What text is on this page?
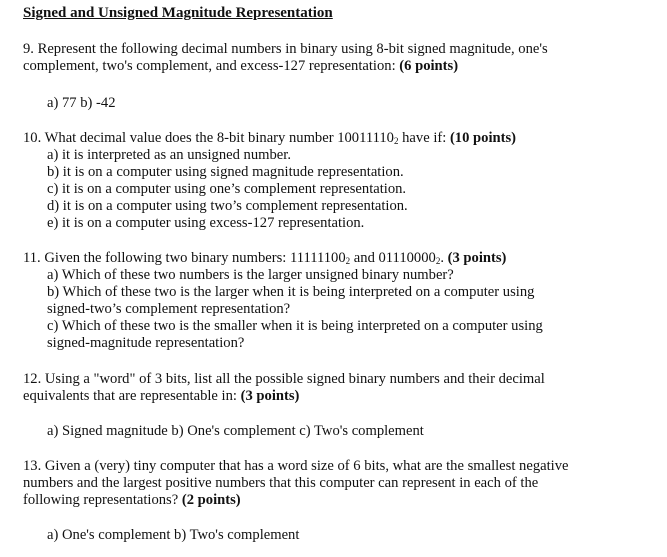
Signed and Unsigned Magnitude Representation
9. Represent the following decimal numbers in binary using 8-bit signed magnitude, one's
complement, two's complement, and excess-127 representation: (6 points)
a) 77 b) -42
10. What decimal value does the 8-bit binary number $10011110_2$ have if: (10 points)
a) it is interpreted as an unsigned number.
b) it is on a computer using signed magnitude representation.
c) it is on a computer using one’s complement representation.
d) it is on a computer using two’s complement representation.
e) it is on a computer using excess-127 representation.
11. Given the following two binary numbers: $11111100_2$ and $01110000_2$. (3 points)
a) Which of these two numbers is the larger unsigned binary number?
b) Which of these two is the larger when it is being interpreted on a computer using
signed-two’s complement representation?
c) Which of these two is the smaller when it is being interpreted on a computer using
signed-magnitude representation?
12. Using a "word" of 3 bits, list all the possible signed binary numbers and their decimal
equivalents that are representable in: (3 points)
a) Signed magnitude b) One's complement c) Two's complement
13. Given a (very) tiny computer that has a word size of 6 bits, what are the smallest negative
numbers and the largest positive numbers that this computer can represent in each of the
following representations? (2 points)
a) One's complement b) Two's complement
